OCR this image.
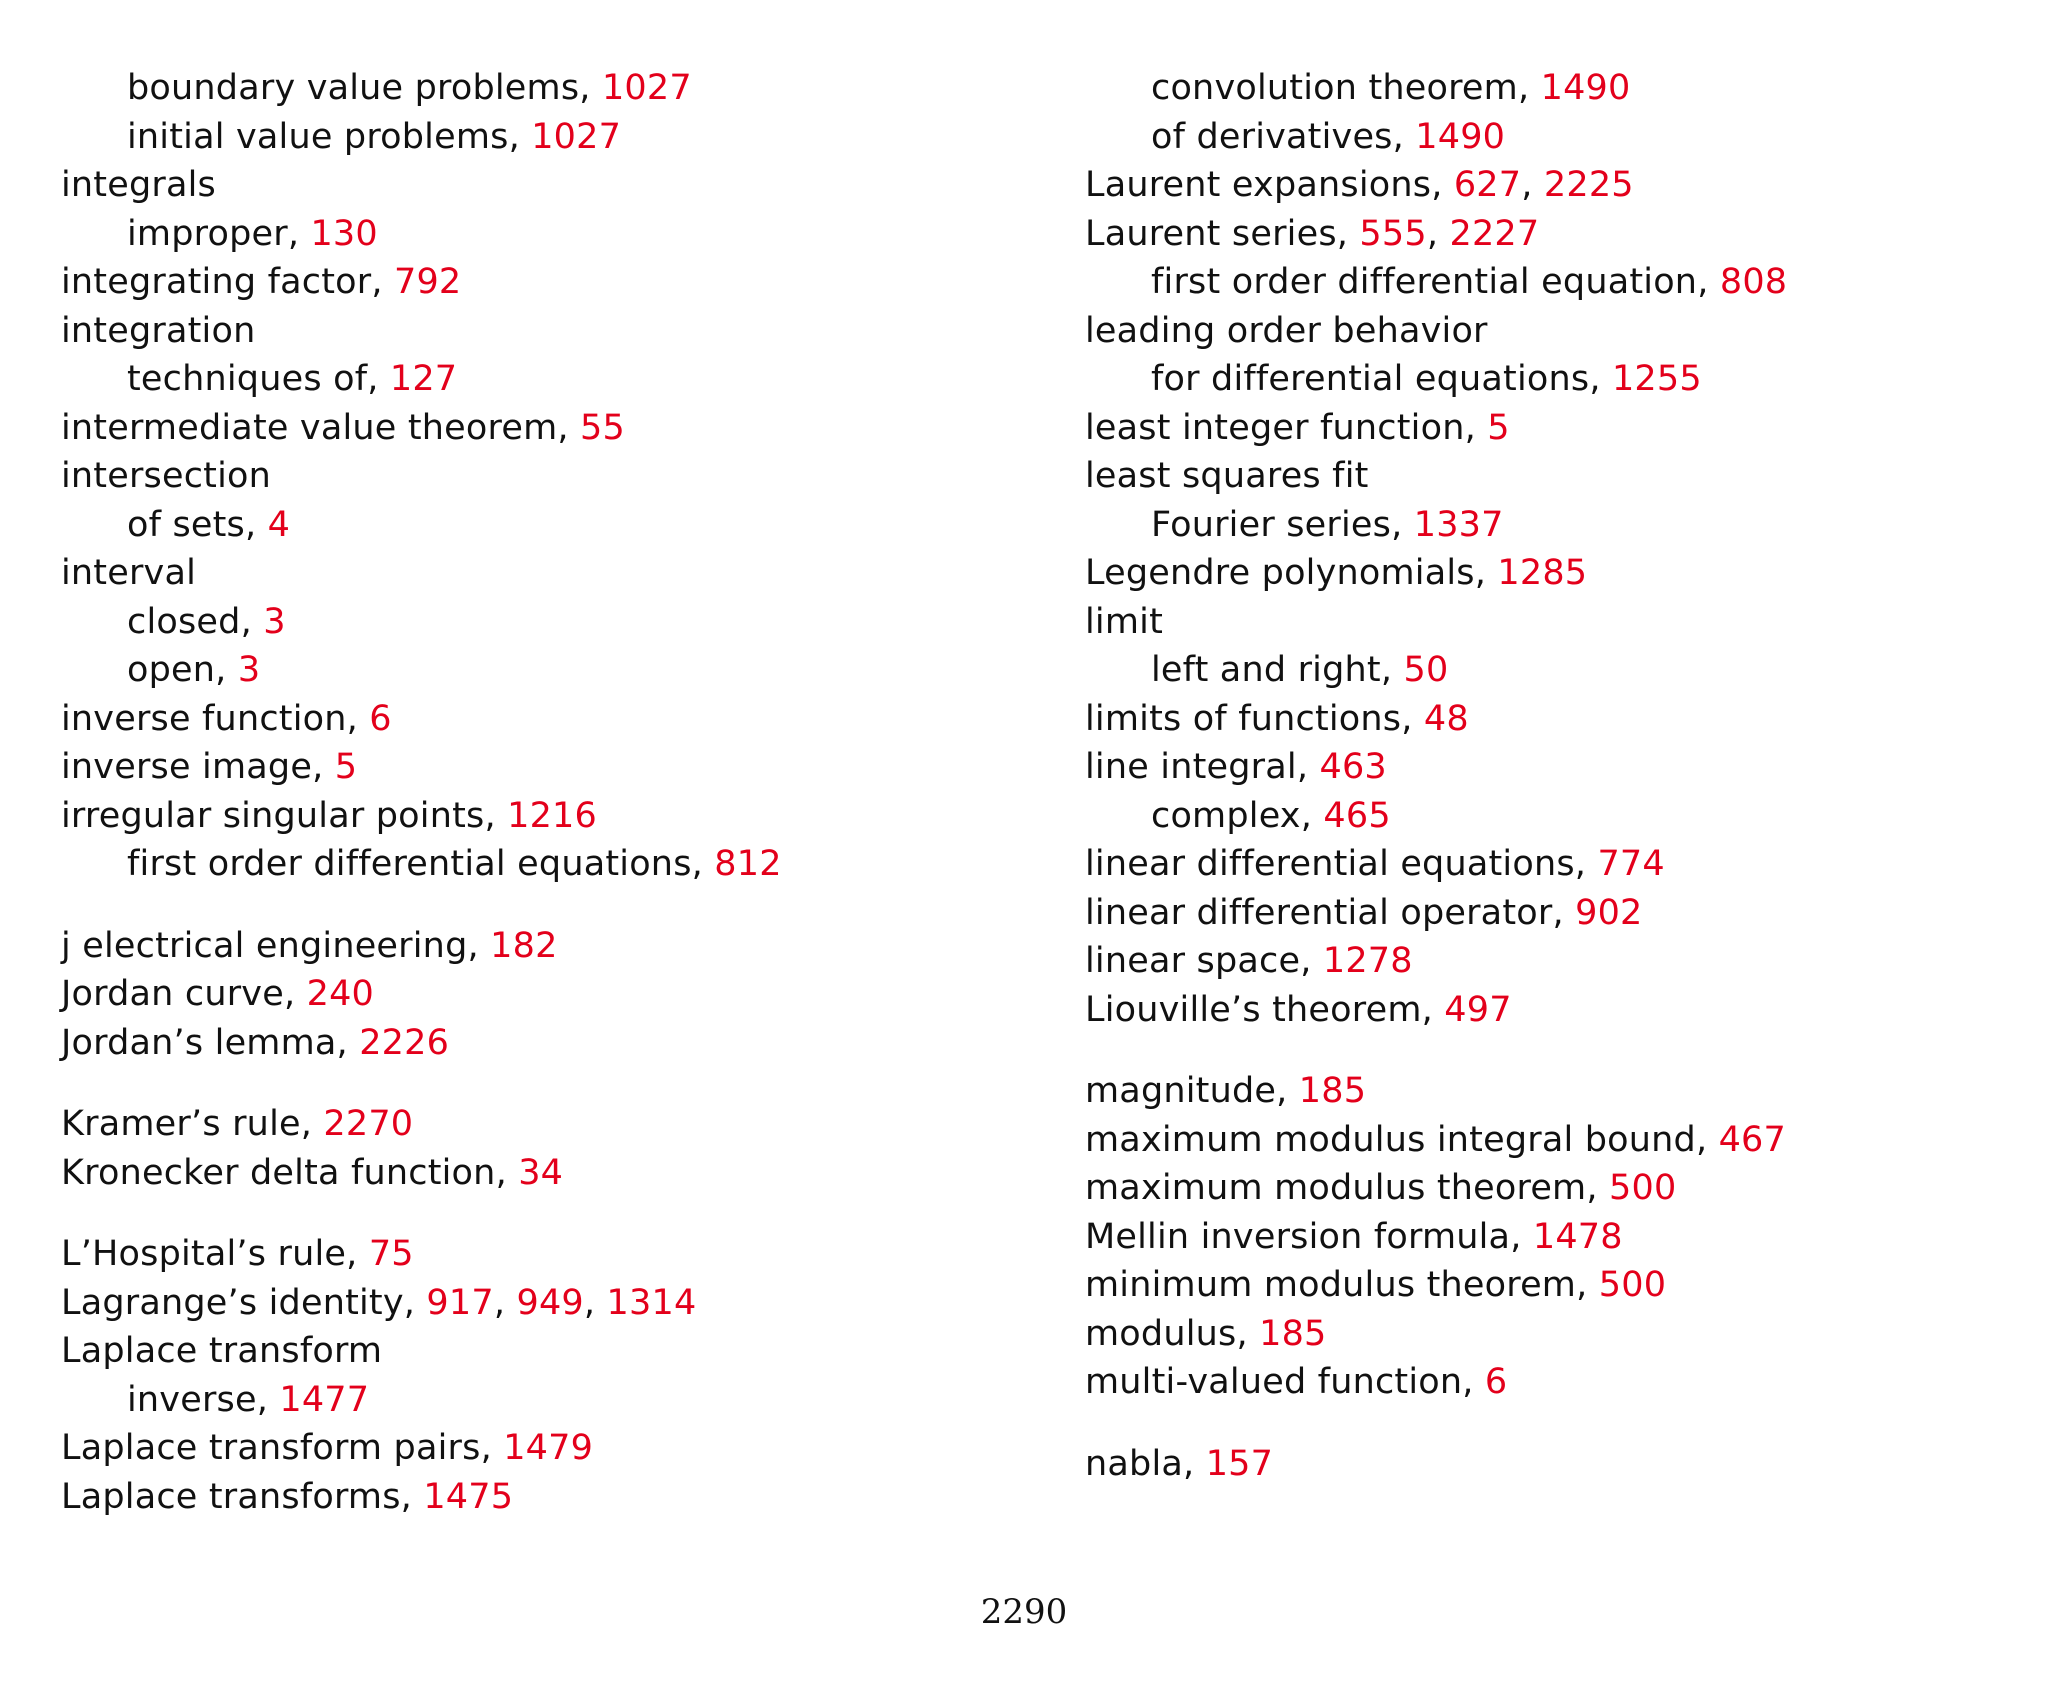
boundary value problems, 1027
initial value problems, 1027
integrals
improper, 130
integrating factor, 792
integration
techniques of, 127
intermediate value theorem, 55
intersection
of sets, 4
interval
closed, 3
open, 3
inverse function, 6
inverse image, 5
irregular singular points, 1216
first order differential equations, 812
j electrical engineering, 182
Jordan curve, 240
Jordan’s lemma, 2226
Kramer’s rule, 2270
Kronecker delta function, 34
L’Hospital’s rule, 75
Lagrange’s identity, 917, 949, 1314
Laplace transform
inverse, 1477
Laplace transform pairs, 1479
Laplace transforms, 1475
convolution theorem, 1490
of derivatives, 1490
Laurent expansions, 627, 2225
Laurent series, 555, 2227
first order differential equation, 808
leading order behavior
for differential equations, 1255
least integer function, 5
least squares fit
Fourier series, 1337
Legendre polynomials, 1285
limit
left and right, 50
limits of functions, 48
line integral, 463
complex, 465
linear differential equations, 774
linear differential operator, 902
linear space, 1278
Liouville’s theorem, 497
magnitude, 185
maximum modulus integral bound, 467
maximum modulus theorem, 500
Mellin inversion formula, 1478
minimum modulus theorem, 500
modulus, 185
multi-valued function, 6
nabla, 157
2290
